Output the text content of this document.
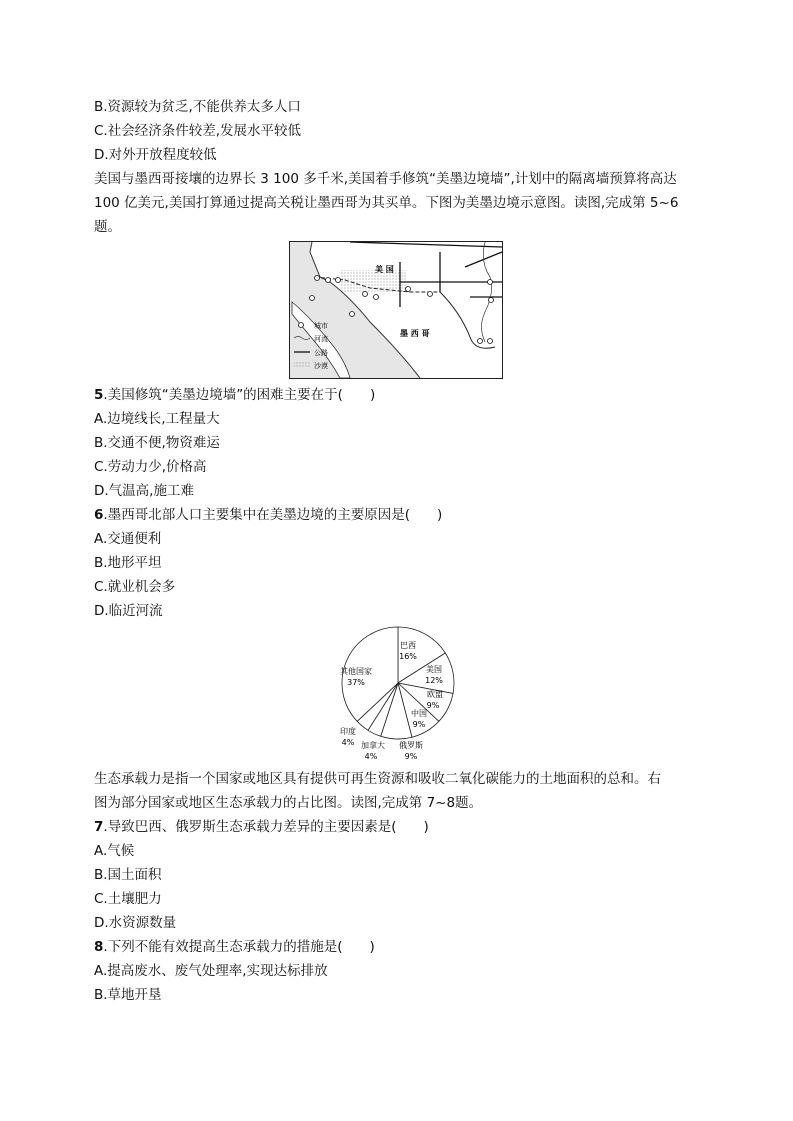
B.资源较为贫乏,不能供养太多人口
C.社会经济条件较差,发展水平较低
D.对外开放程度较低
美国与墨西哥接壤的边界长 3 100 多千米,美国着手修筑“美墨边境墙”,计划中的隔离墙预算将高达
100 亿美元,美国打算通过提高关税让墨西哥为其买单。下图为美墨边境示意图。读图,完成第 5~6
题。
美 国
墨 西 哥
城市
河流
公路
沙漠
5.美国修筑“美墨边境墙”的困难主要在于(　　)
A.边境线长,工程量大
B.交通不便,物资难运
C.劳动力少,价格高
D.气温高,施工难
6.墨西哥北部人口主要集中在美墨边境的主要原因是(　　)
A.交通便利
B.地形平坦
C.就业机会多
D.临近河流
巴西
16%
美国
12%
欧盟
9%
中国
9%
俄罗斯
9%
加拿大
4%
印度
4%
其他国家
37%
生态承载力是指一个国家或地区具有提供可再生资源和吸收二氧化碳能力的土地面积的总和。右
图为部分国家或地区生态承载力的占比图。读图,完成第 7~8题。
7.导致巴西、俄罗斯生态承载力差异的主要因素是(　　)
A.气候
B.国土面积
C.土壤肥力
D.水资源数量
8.下列不能有效提高生态承载力的措施是(　　)
A.提高废水、废气处理率,实现达标排放
B.草地开垦
